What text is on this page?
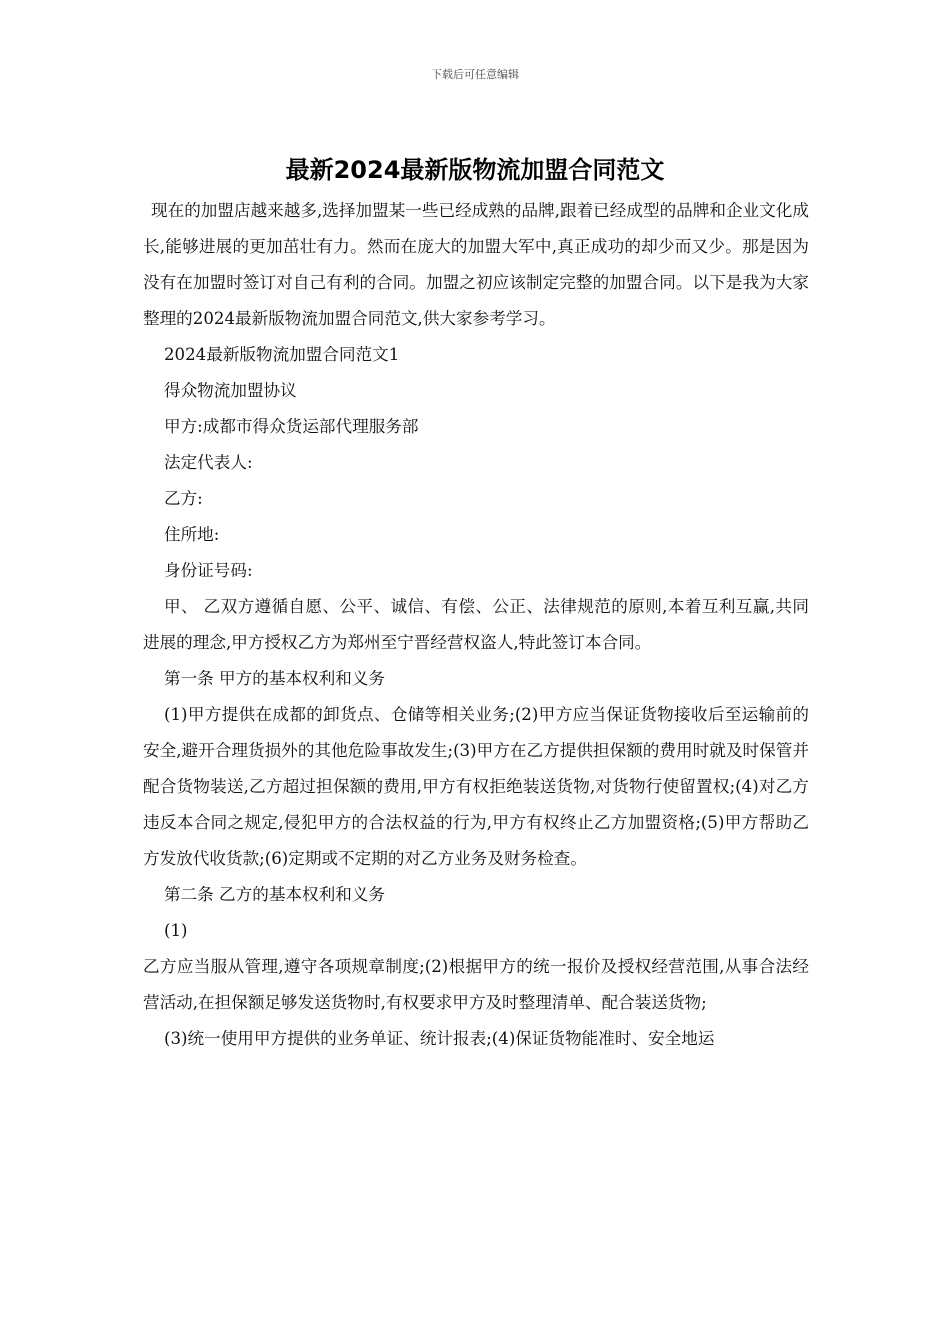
下载后可任意编辑
最新2024最新版物流加盟合同范文

现在的加盟店越来越多,选择加盟某一些已经成熟的品牌,跟着已经成型的品牌和企业文化成长,能够进展的更加茁壮有力。然而在庞大的加盟大军中,真正成功的却少而又少。那是因为没有在加盟时签订对自己有利的合同。加盟之初应该制定完整的加盟合同。以下是我为大家整理的2024最新版物流加盟合同范文,供大家参考学习。

2024最新版物流加盟合同范文1

得众物流加盟协议

甲方:成都市得众货运部代理服务部

法定代表人:

乙方:

住所地:

身份证号码:

甲、 乙双方遵循自愿、公平、诚信、有偿、公正、法律规范的原则,本着互利互赢,共同进展的理念,甲方授权乙方为郑州至宁晋经营权盗人,特此签订本合同。

第一条 甲方的基本权利和义务

(1)甲方提供在成都的卸货点、仓储等相关业务;(2)甲方应当保证货物接收后至运输前的安全,避开合理货损外的其他危险事故发生;(3)甲方在乙方提供担保额的费用时就及时保管并配合货物装送,乙方超过担保额的费用,甲方有权拒绝装送货物,对货物行使留置权;(4)对乙方违反本合同之规定,侵犯甲方的合法权益的行为,甲方有权终止乙方加盟资格;(5)甲方帮助乙方发放代收货款;(6)定期或不定期的对乙方业务及财务检查。

第二条 乙方的基本权利和义务

(1)

乙方应当服从管理,遵守各项规章制度;(2)根据甲方的统一报价及授权经营范围,从事合法经营活动,在担保额足够发送货物时,有权要求甲方及时整理清单、配合装送货物;

(3)统一使用甲方提供的业务单证、统计报表;(4)保证货物能准时、安全地运
